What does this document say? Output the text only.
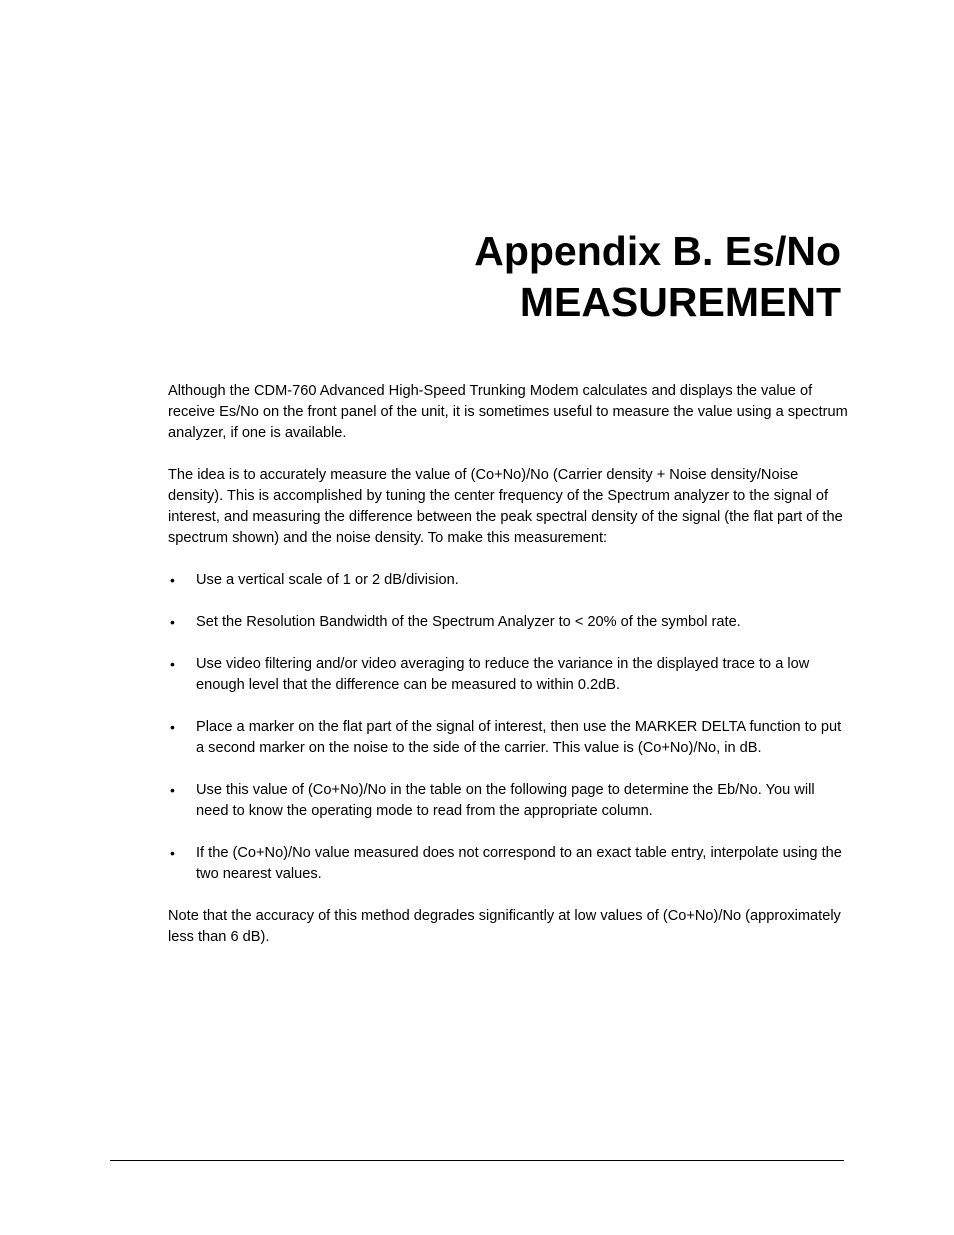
Appendix B. Es/No
MEASUREMENT

Although the CDM-760 Advanced High-Speed Trunking Modem calculates and displays the value of receive Es/No on the front panel of the unit, it is sometimes useful to measure the value using a spectrum analyzer, if one is available.

The idea is to accurately measure the value of (Co+No)/No (Carrier density + Noise density/Noise density). This is accomplished by tuning the center frequency of the Spectrum analyzer to the signal of interest, and measuring the difference between the peak spectral density of the signal (the flat part of the spectrum shown) and the noise density. To make this measurement:

•	Use a vertical scale of 1 or 2 dB/division.
•	Set the Resolution Bandwidth of the Spectrum Analyzer to < 20% of the symbol rate.
•	Use video filtering and/or video averaging to reduce the variance in the displayed trace to a low enough level that the difference can be measured to within 0.2dB.
•	Place a marker on the flat part of the signal of interest, then use the MARKER DELTA function to put a second marker on the noise to the side of the carrier. This value is (Co+No)/No, in dB.
•	Use this value of (Co+No)/No in the table on the following page to determine the Eb/No. You will need to know the operating mode to read from the appropriate column.
•	If the (Co+No)/No value measured does not correspond to an exact table entry, interpolate using the two nearest values.

Note that the accuracy of this method degrades significantly at low values of (Co+No)/No (approximately less than 6 dB).
